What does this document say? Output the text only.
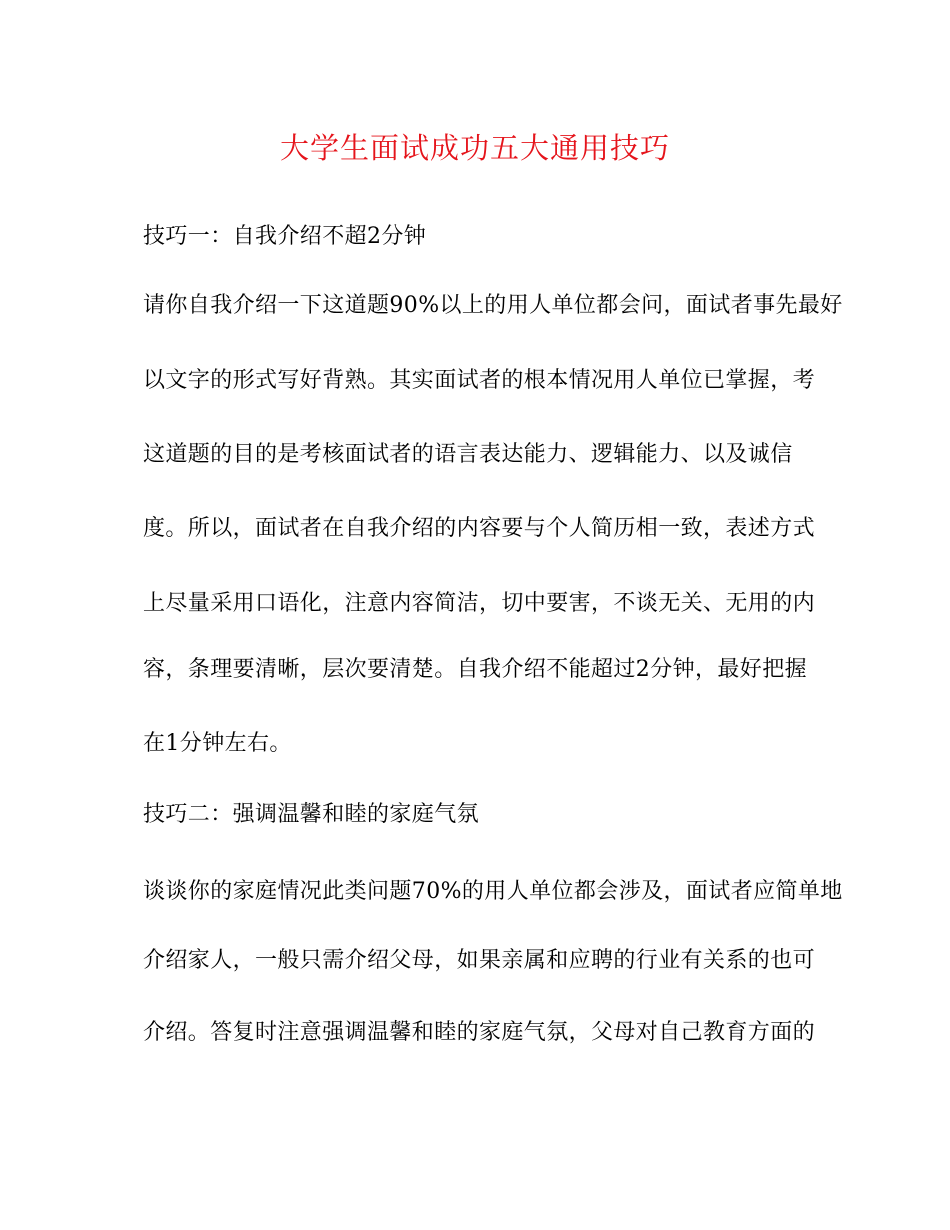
大学生面试成功五大通用技巧
技巧一：自我介绍不超2分钟
请你自我介绍一下这道题90%以上的用人单位都会问，面试者事先最好
以文字的形式写好背熟。其实面试者的根本情况用人单位已掌握，考
这道题的目的是考核面试者的语言表达能力、逻辑能力、以及诚信
度。所以，面试者在自我介绍的内容要与个人简历相一致，表述方式
上尽量采用口语化，注意内容简洁，切中要害，不谈无关、无用的内
容，条理要清晰，层次要清楚。自我介绍不能超过2分钟，最好把握
在1分钟左右。
技巧二：强调温馨和睦的家庭气氛
谈谈你的家庭情况此类问题70%的用人单位都会涉及，面试者应简单地
介绍家人，一般只需介绍父母，如果亲属和应聘的行业有关系的也可
介绍。答复时注意强调温馨和睦的家庭气氛，父母对自己教育方面的
